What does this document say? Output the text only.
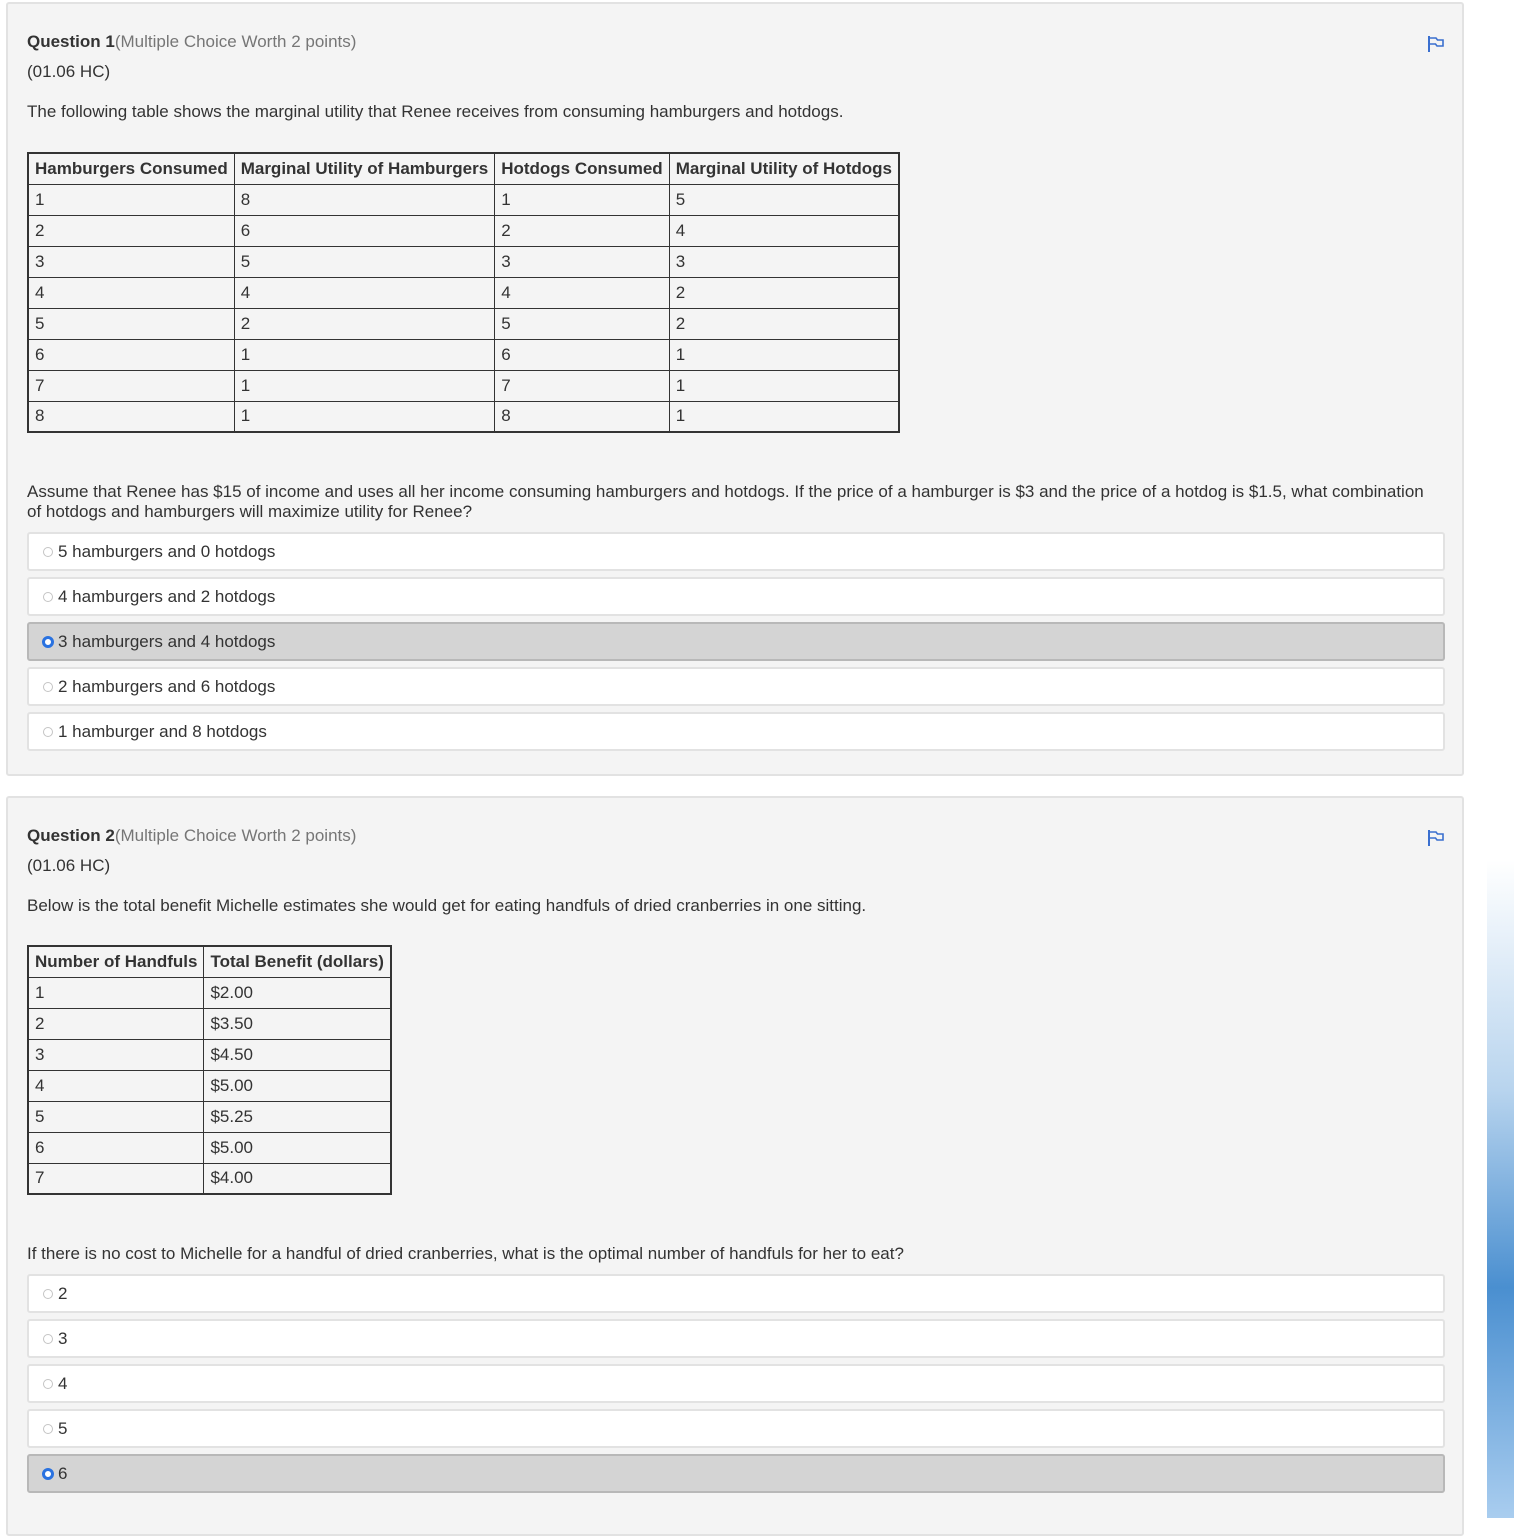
Question 1(Multiple Choice Worth 2 points)
(01.06 HC)
The following table shows the marginal utility that Renee receives from consuming hamburgers and hotdogs.
Hamburgers Consumed	Marginal Utility of Hamburgers	Hotdogs Consumed	Marginal Utility of Hotdogs
1	8	1	5
2	6	2	4
3	5	3	3
4	4	4	2
5	2	5	2
6	1	6	1
7	1	7	1
8	1	8	1
Assume that Renee has $15 of income and uses all her income consuming hamburgers and hotdogs. If the price of a hamburger is $3 and the price of a hotdog is $1.5, what combination of hotdogs and hamburgers will maximize utility for Renee?
5 hamburgers and 0 hotdogs
4 hamburgers and 2 hotdogs
3 hamburgers and 4 hotdogs
2 hamburgers and 6 hotdogs
1 hamburger and 8 hotdogs
Question 2(Multiple Choice Worth 2 points)
(01.06 HC)
Below is the total benefit Michelle estimates she would get for eating handfuls of dried cranberries in one sitting.
Number of Handfuls	Total Benefit (dollars)
1	$2.00
2	$3.50
3	$4.50
4	$5.00
5	$5.25
6	$5.00
7	$4.00
If there is no cost to Michelle for a handful of dried cranberries, what is the optimal number of handfuls for her to eat?
2
3
4
5
6
